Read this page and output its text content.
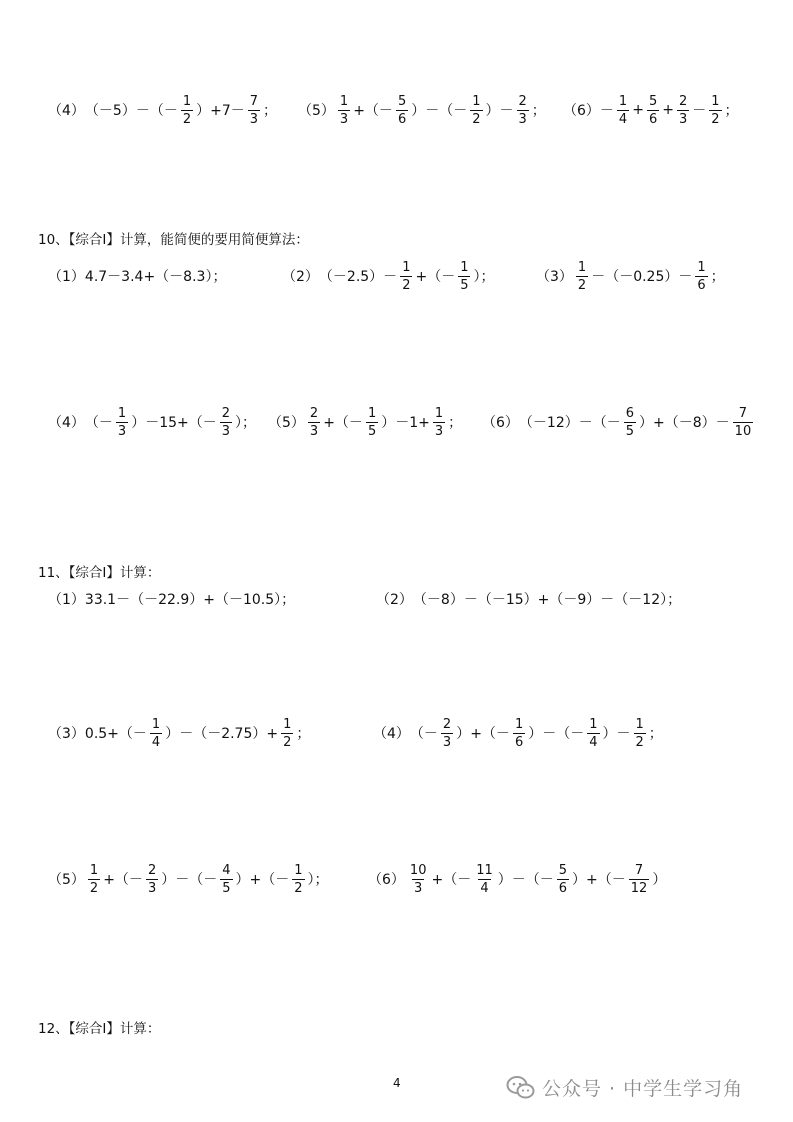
（4） $(-5)-(- \frac{1}{2} )+7- \frac{7}{3}$ ； $(5) \frac{1}{3}$ +（－ $\frac{5}{6}$ ）－（－ $\frac{1}{2}$ ）－ $\frac{2}{3}$ ； $(6) - \frac{1}{4} + \frac{5}{6} + \frac{2}{3} - \frac{1}{2}$ ；
10、【综合Ⅰ】计算，能简便的要用简便算法：
（1） 4.7－3.4+（－8.3）；	（2） $(-2.5)- \frac{1}{2}$ +（－ $\frac{1}{5}$ ）；	$(3) \frac{1}{2} -(-0.25)- \frac{1}{6}$ ；
（4） （－ $\frac{1}{3} )-15+(- \frac{2}{3}$ ）； $(5) \frac{2}{3}$ +（－ $\frac{1}{5} )-1+ \frac{1}{3}$ ； （6） $(-12)-(- \frac{6}{5} )+(-8)- \frac{7}{10}$
11、【综合Ⅰ】计算：
（1） 33.1－（－22.9）+（－10.5）；	（2） （－8）－（－15）+（－9）－（－12）；
（3） $0.5+(- \frac{1}{4} )-(-2.75)+ \frac{1}{2}$ ；	（4） （－ $\frac{2}{3}$ ）+（－ $\frac{1}{6}$ ）－（－ $\frac{1}{4}$ ）－ $\frac{1}{2}$ ；
$(5) \frac{1}{2}$ +（－ $\frac{2}{3}$ ）－（－ $\frac{4}{5}$ ）+（－ $\frac{1}{2}$ ）；	$(6) \frac{10}{3}$ +（－ $\frac{11}{4}$ ）－（－ $\frac{5}{6}$ ）+（－ $\frac{7}{12}$ ）
12、【综合Ⅰ】计算：
4	公众号 · 中学生学习角
